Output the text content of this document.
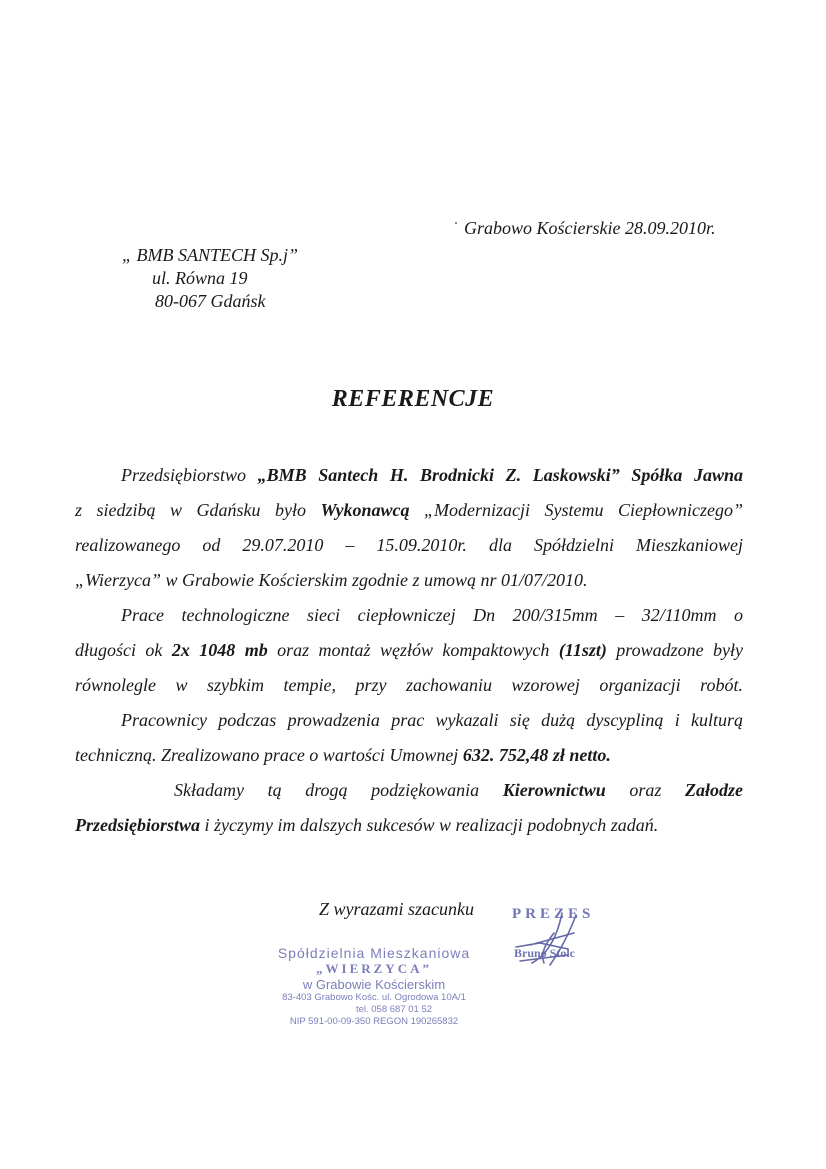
Grabowo Kościerskie 28.09.2010r.
„ BMB SANTECH Sp.j”
ul. Równa 19
80-067 Gdańsk
REFERENCJE
Przedsiębiorstwo „BMB Santech H. Brodnicki Z. Laskowski” Spółka Jawna
z siedzibą w Gdańsku było Wykonawcą „Modernizacji Systemu Ciepłowniczego”
realizowanego od 29.07.2010 – 15.09.2010r. dla Spółdzielni Mieszkaniowej
„Wierzyca” w Grabowie Kościerskim zgodnie z umową nr 01/07/2010.
Prace technologiczne sieci ciepłowniczej Dn 200/315mm – 32/110mm o
długości ok 2x 1048 mb oraz montaż węzłów kompaktowych (11szt) prowadzone były
równolegle w szybkim tempie, przy zachowaniu wzorowej organizacji robót.
Pracownicy podczas prowadzenia prac wykazali się dużą dyscypliną i kulturą
techniczną. Zrealizowano prace o wartości Umownej 632. 752,48 zł netto.
Składamy tą drogą podziękowania Kierownictwu oraz Załodze
Przedsiębiorstwa i życzymy im dalszych sukcesów w realizacji podobnych zadań.
Z wyrazami szacunku
Spółdzielnia Mieszkaniowa
„WIERZYCA”
w Grabowie Kościerskim
83-403 Grabowo Kośc. ul. Ogrodowa 10A/1
tel. 058 687 01 52
NIP 591-00-09-350 REGON 190265832
PREZES
Bruno Stolc
